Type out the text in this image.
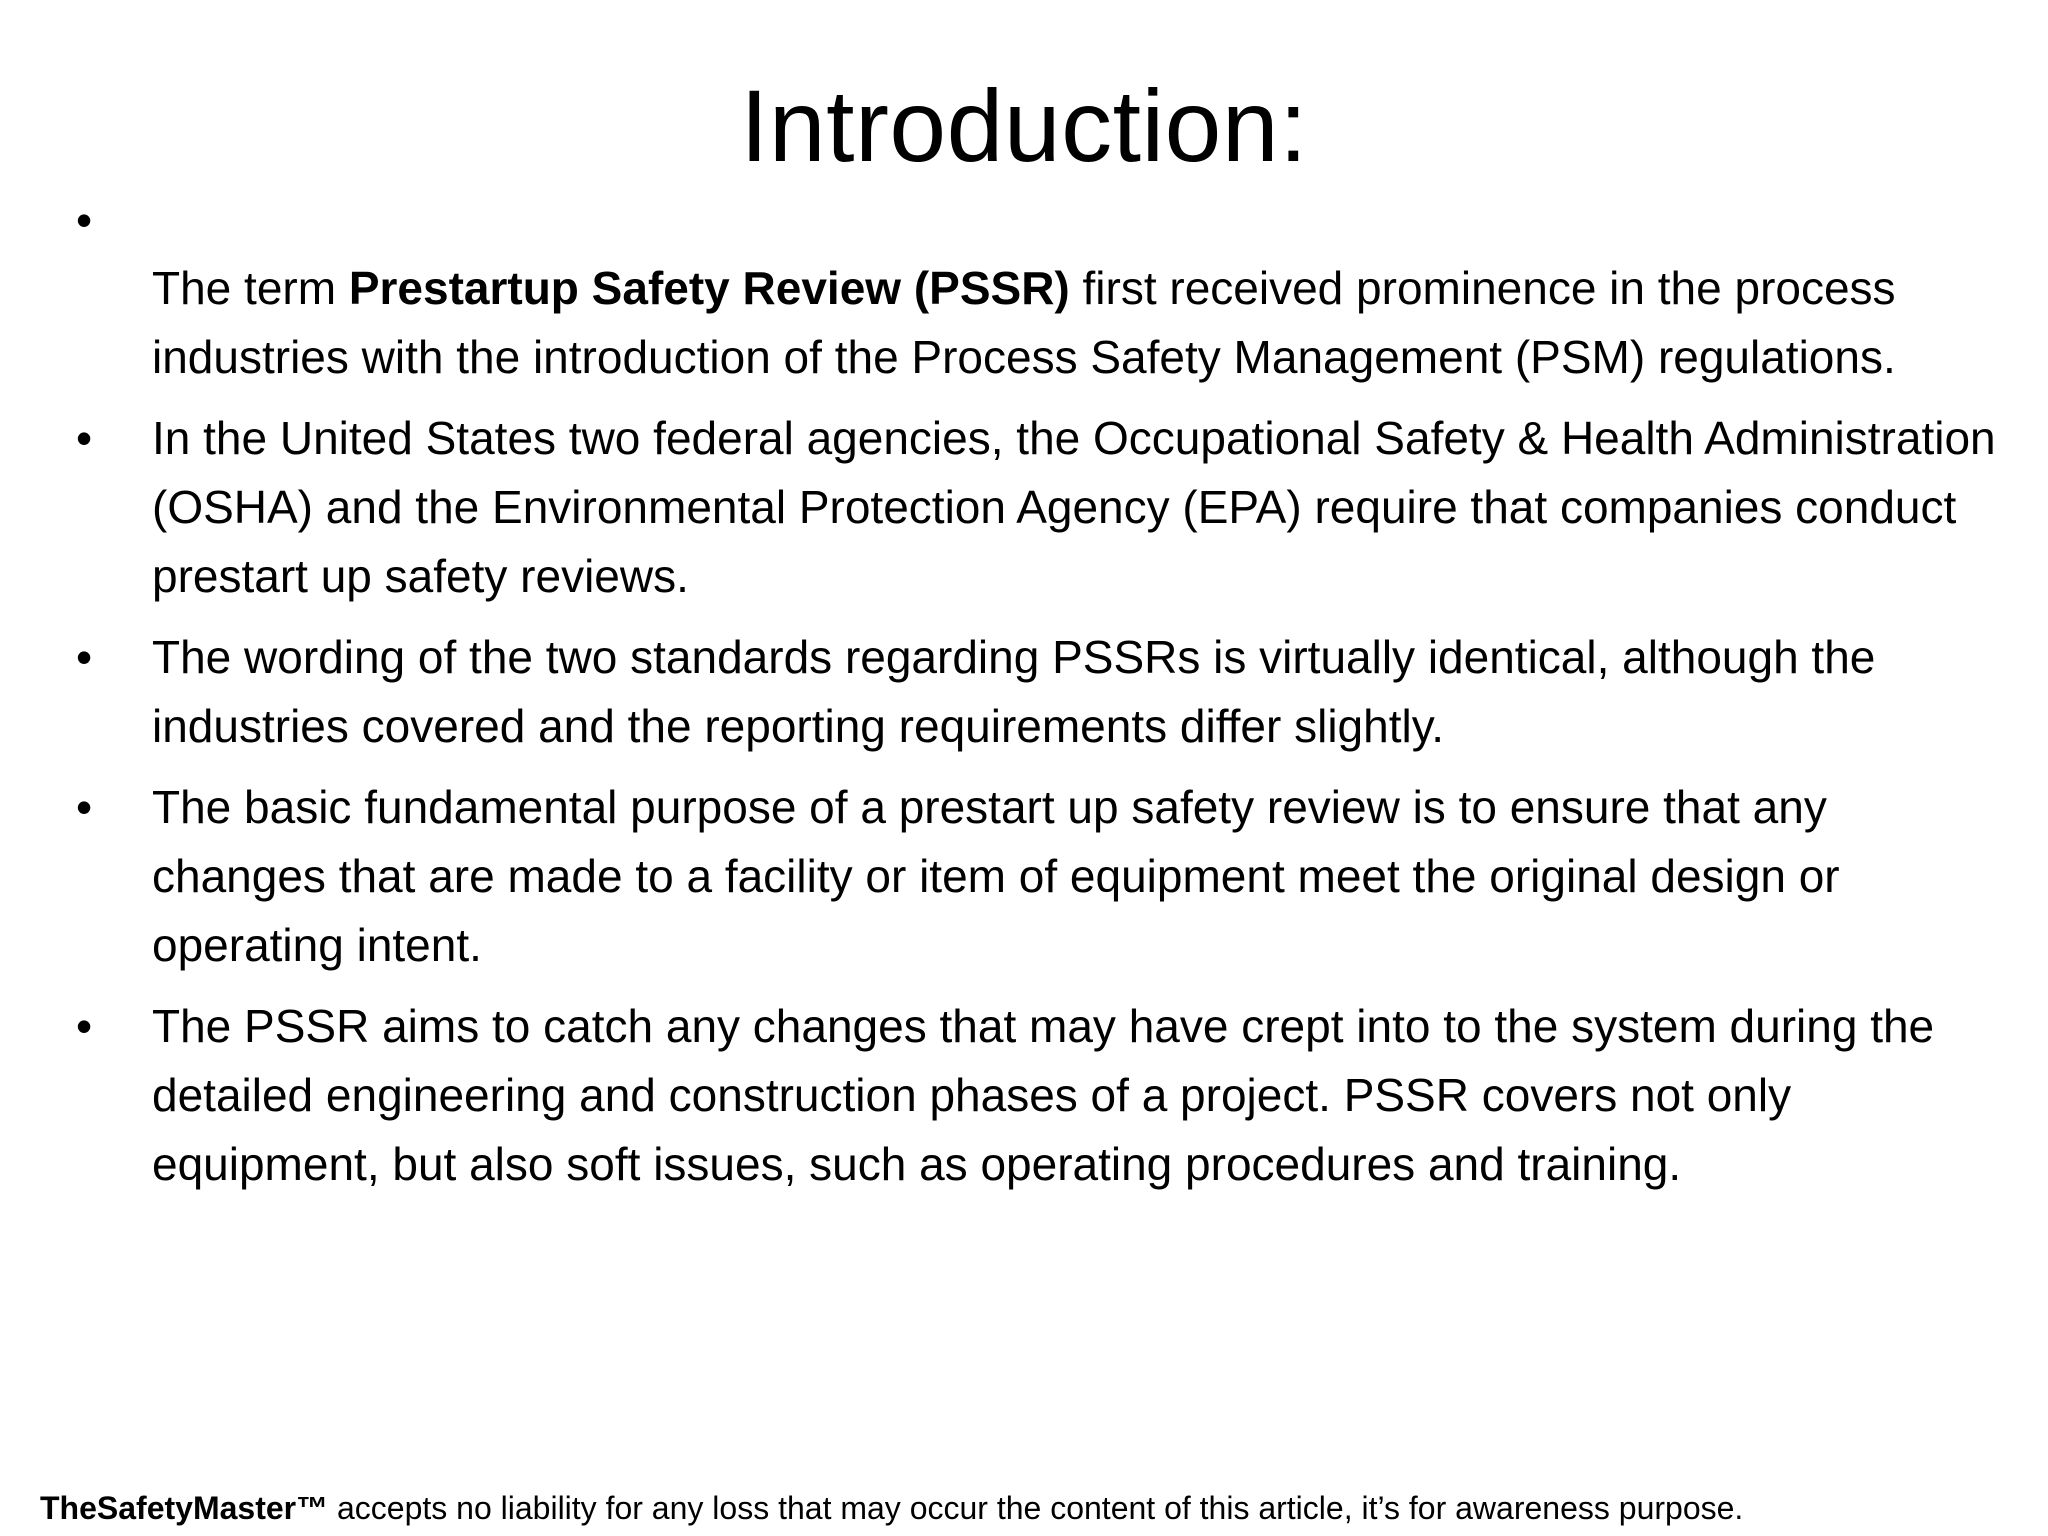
Introduction:
•
The term Prestartup Safety Review (PSSR) first received prominence in the process industries with the introduction of the Process Safety Management (PSM) regulations.
•	In the United States two federal agencies, the Occupational Safety & Health Administration (OSHA) and the Environmental Protection Agency (EPA) require that companies conduct prestart up safety reviews.
•	The wording of the two standards regarding PSSRs is virtually identical, although the industries covered and the reporting requirements differ slightly.
•	The basic fundamental purpose of a prestart up safety review is to ensure that any changes that are made to a facility or item of equipment meet the original design or operating intent.
•	The PSSR aims to catch any changes that may have crept into to the system during the detailed engineering and construction phases of a project. PSSR covers not only equipment, but also soft issues, such as operating procedures and training.
TheSafetyMaster™ accepts no liability for any loss that may occur the content of this article, it’s for awareness purpose.
